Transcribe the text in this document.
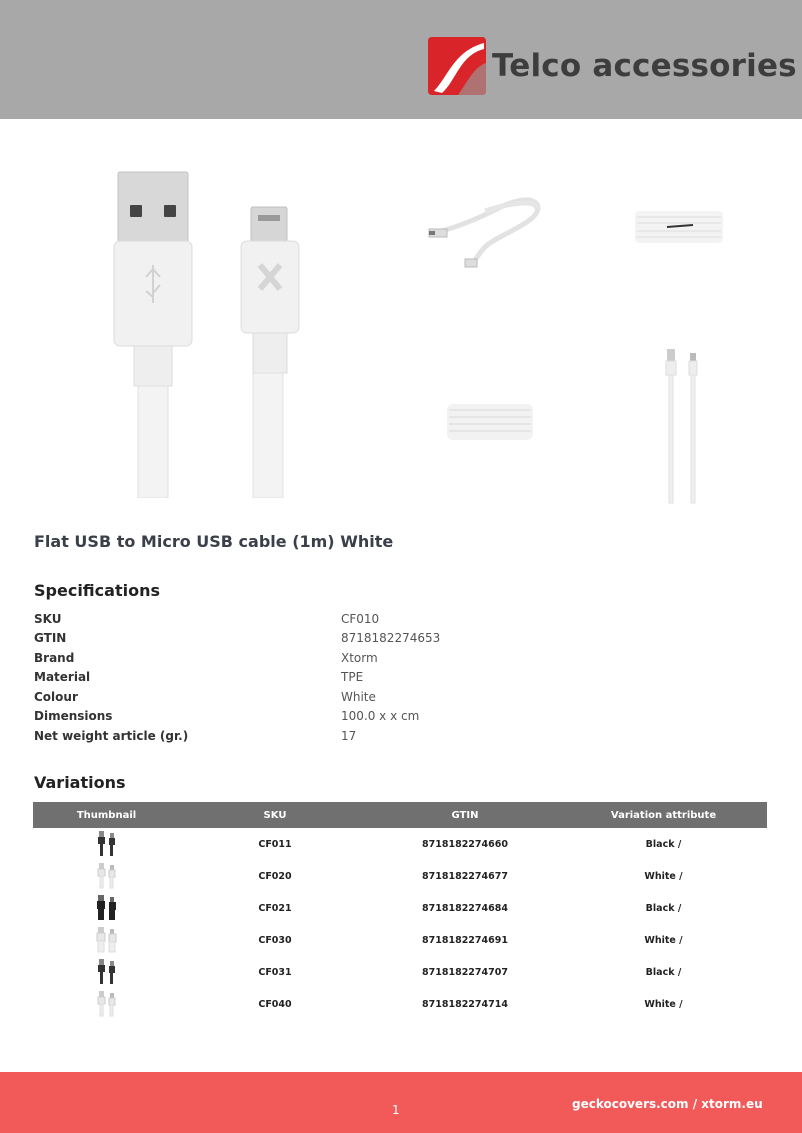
Telco accessories
Flat USB to Micro USB cable (1m) White
Specifications
SKU	CF010
GTIN	8718182274653
Brand	Xtorm
Material	TPE
Colour	White
Dimensions	100.0 x x cm
Net weight article (gr.)	17
Variations
Thumbnail	SKU	GTIN	Variation attribute
	CF011	8718182274660	Black /
	CF020	8718182274677	White /
	CF021	8718182274684	Black /
	CF030	8718182274691	White /
	CF031	8718182274707	Black /
	CF040	8718182274714	White /
1	geckocovers.com / xtorm.eu
